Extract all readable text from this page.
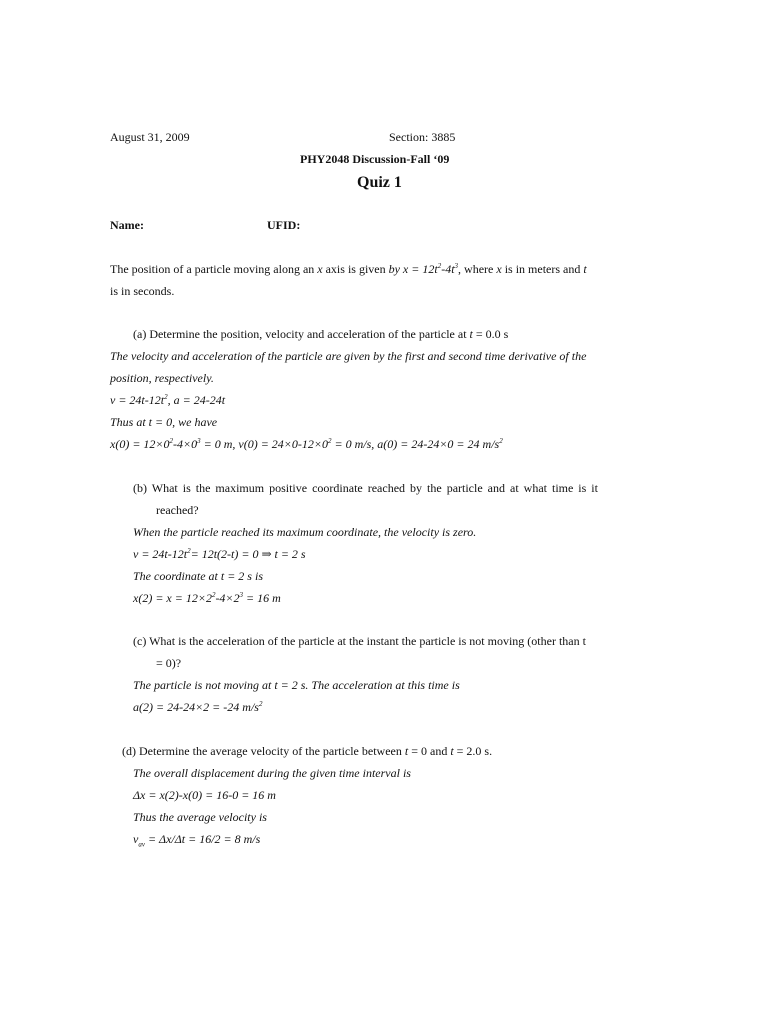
August 31, 2009	Section: 3885
PHY2048 Discussion-Fall ‘09
Quiz 1
Name:	UFID:
The position of a particle moving along an x axis is given by $x = 12t^2-4t^3$, where x is in meters and t
is in seconds.
(a) Determine the position, velocity and acceleration of the particle at t = 0.0 s
The velocity and acceleration of the particle are given by the first and second time derivative of the
position, respectively.
$v = 24t-12t^2$, a = 24-24t
Thus at t = 0, we have
$x(0) = 12\times 0^2-4\times 0^3 = 0$ m, $v(0) = 24\times 0-12\times 0^2 = 0$ m/s, a(0) = 24-24×0 = 24 $m/s^2$
(b) What is the maximum positive coordinate reached by the particle and at what time is it
reached?
When the particle reached its maximum coordinate, the velocity is zero.
$v = 24t-12t^2= 12t(2-t) = 0$ ⇒ t = 2 s
The coordinate at t = 2 s is
$x(2) = x = 12\times 2^2-4\times 2^3 = 16$ m
(c) What is the acceleration of the particle at the instant the particle is not moving (other than t
= 0)?
The particle is not moving at t = 2 s. The acceleration at this time is
a(2) = 24-24×2 = -24 $m/s^2$
(d) Determine the average velocity of the particle between t = 0 and t = 2.0 s.
The overall displacement during the given time interval is
Δx = x(2)-x(0) = 16-0 = 16 m
Thus the average velocity is
$v_{av} = \Delta x/\Delta t = 16/2 = 8$ m/s
